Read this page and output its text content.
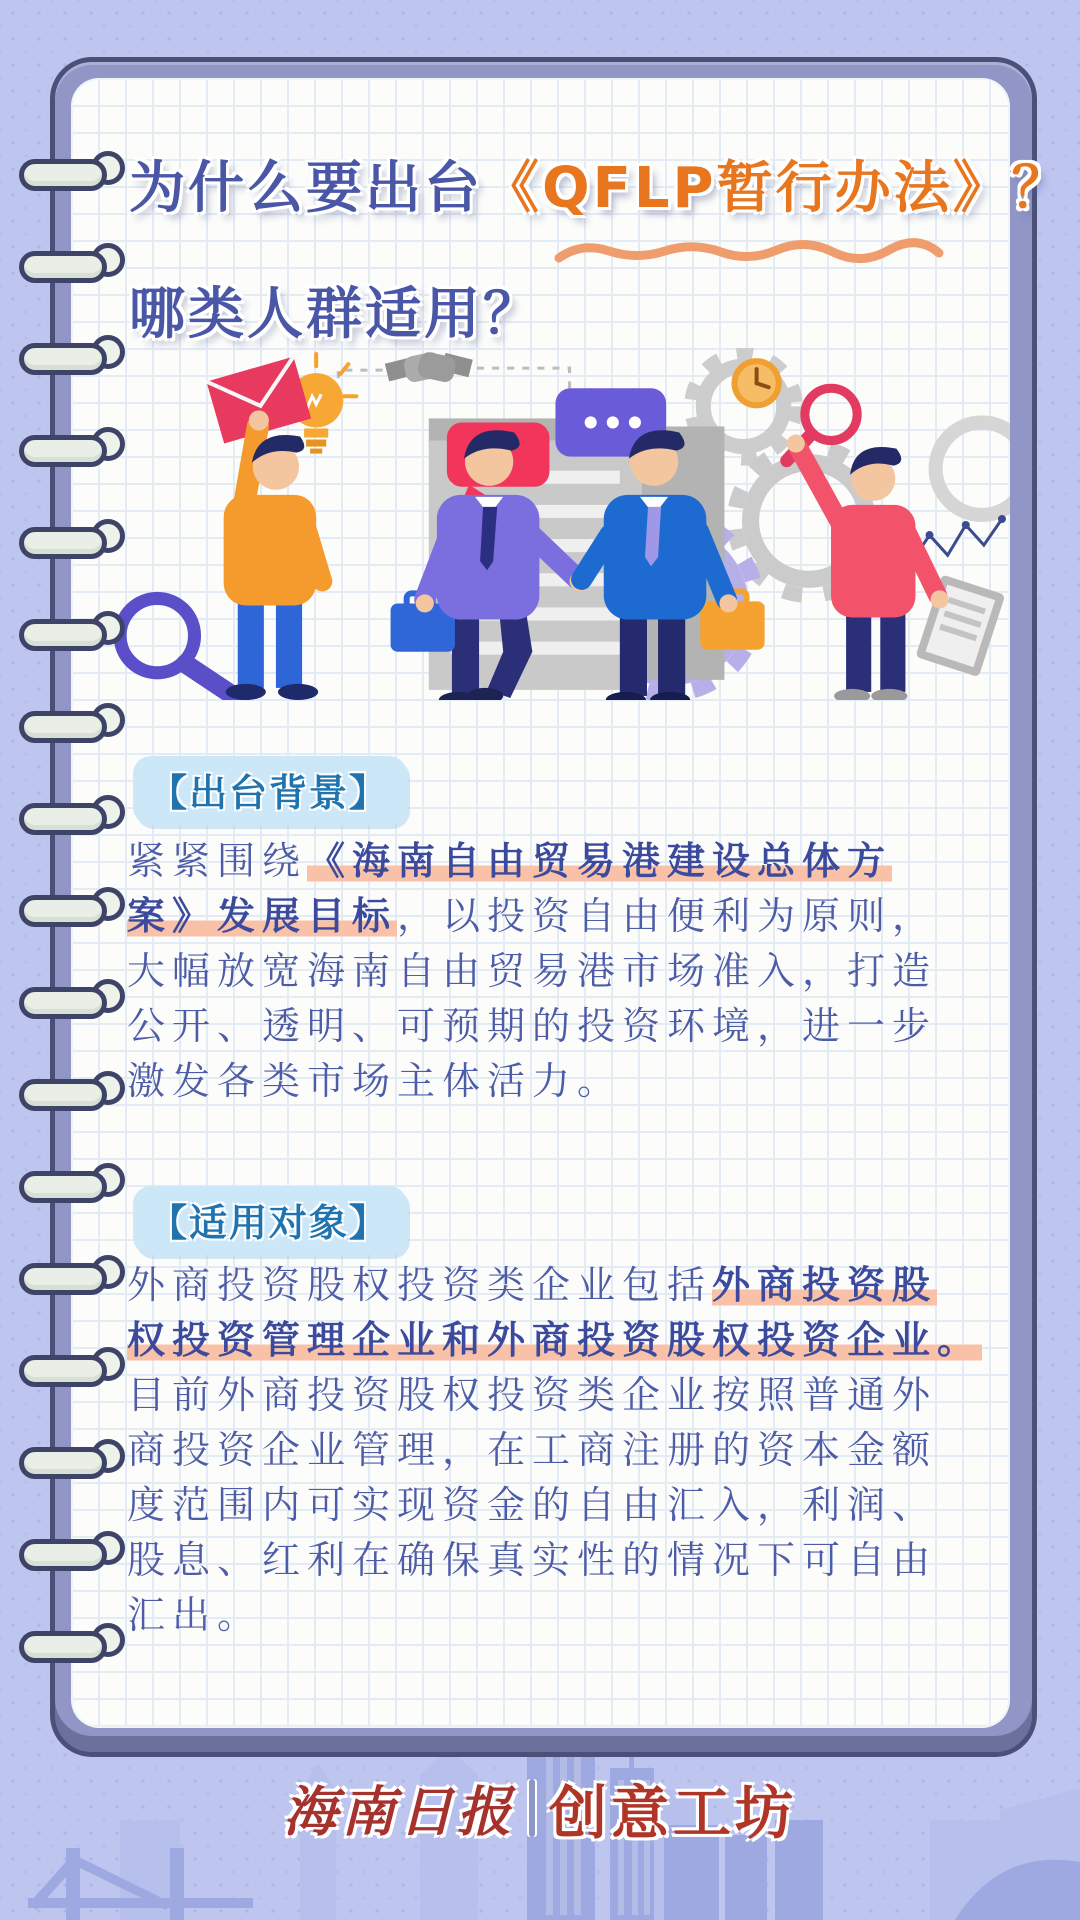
为什么要出台《QFLP暂行办法》？
哪类人群适用？
【出台背景】
紧紧围绕《海南自由贸易港建设总体方
案》发展目标，以投资自由便利为原则，
大幅放宽海南自由贸易港市场准入，打造
公开、透明、可预期的投资环境，进一步
激发各类市场主体活力。
【适用对象】
外商投资股权投资类企业包括外商投资股
权投资管理企业和外商投资股权投资企业。
目前外商投资股权投资类企业按照普通外
商投资企业管理，在工商注册的资本金额
度范围内可实现资金的自由汇入，利润、
股息、红利在确保真实性的情况下可自由
汇出。
海南日报 创意工坊
